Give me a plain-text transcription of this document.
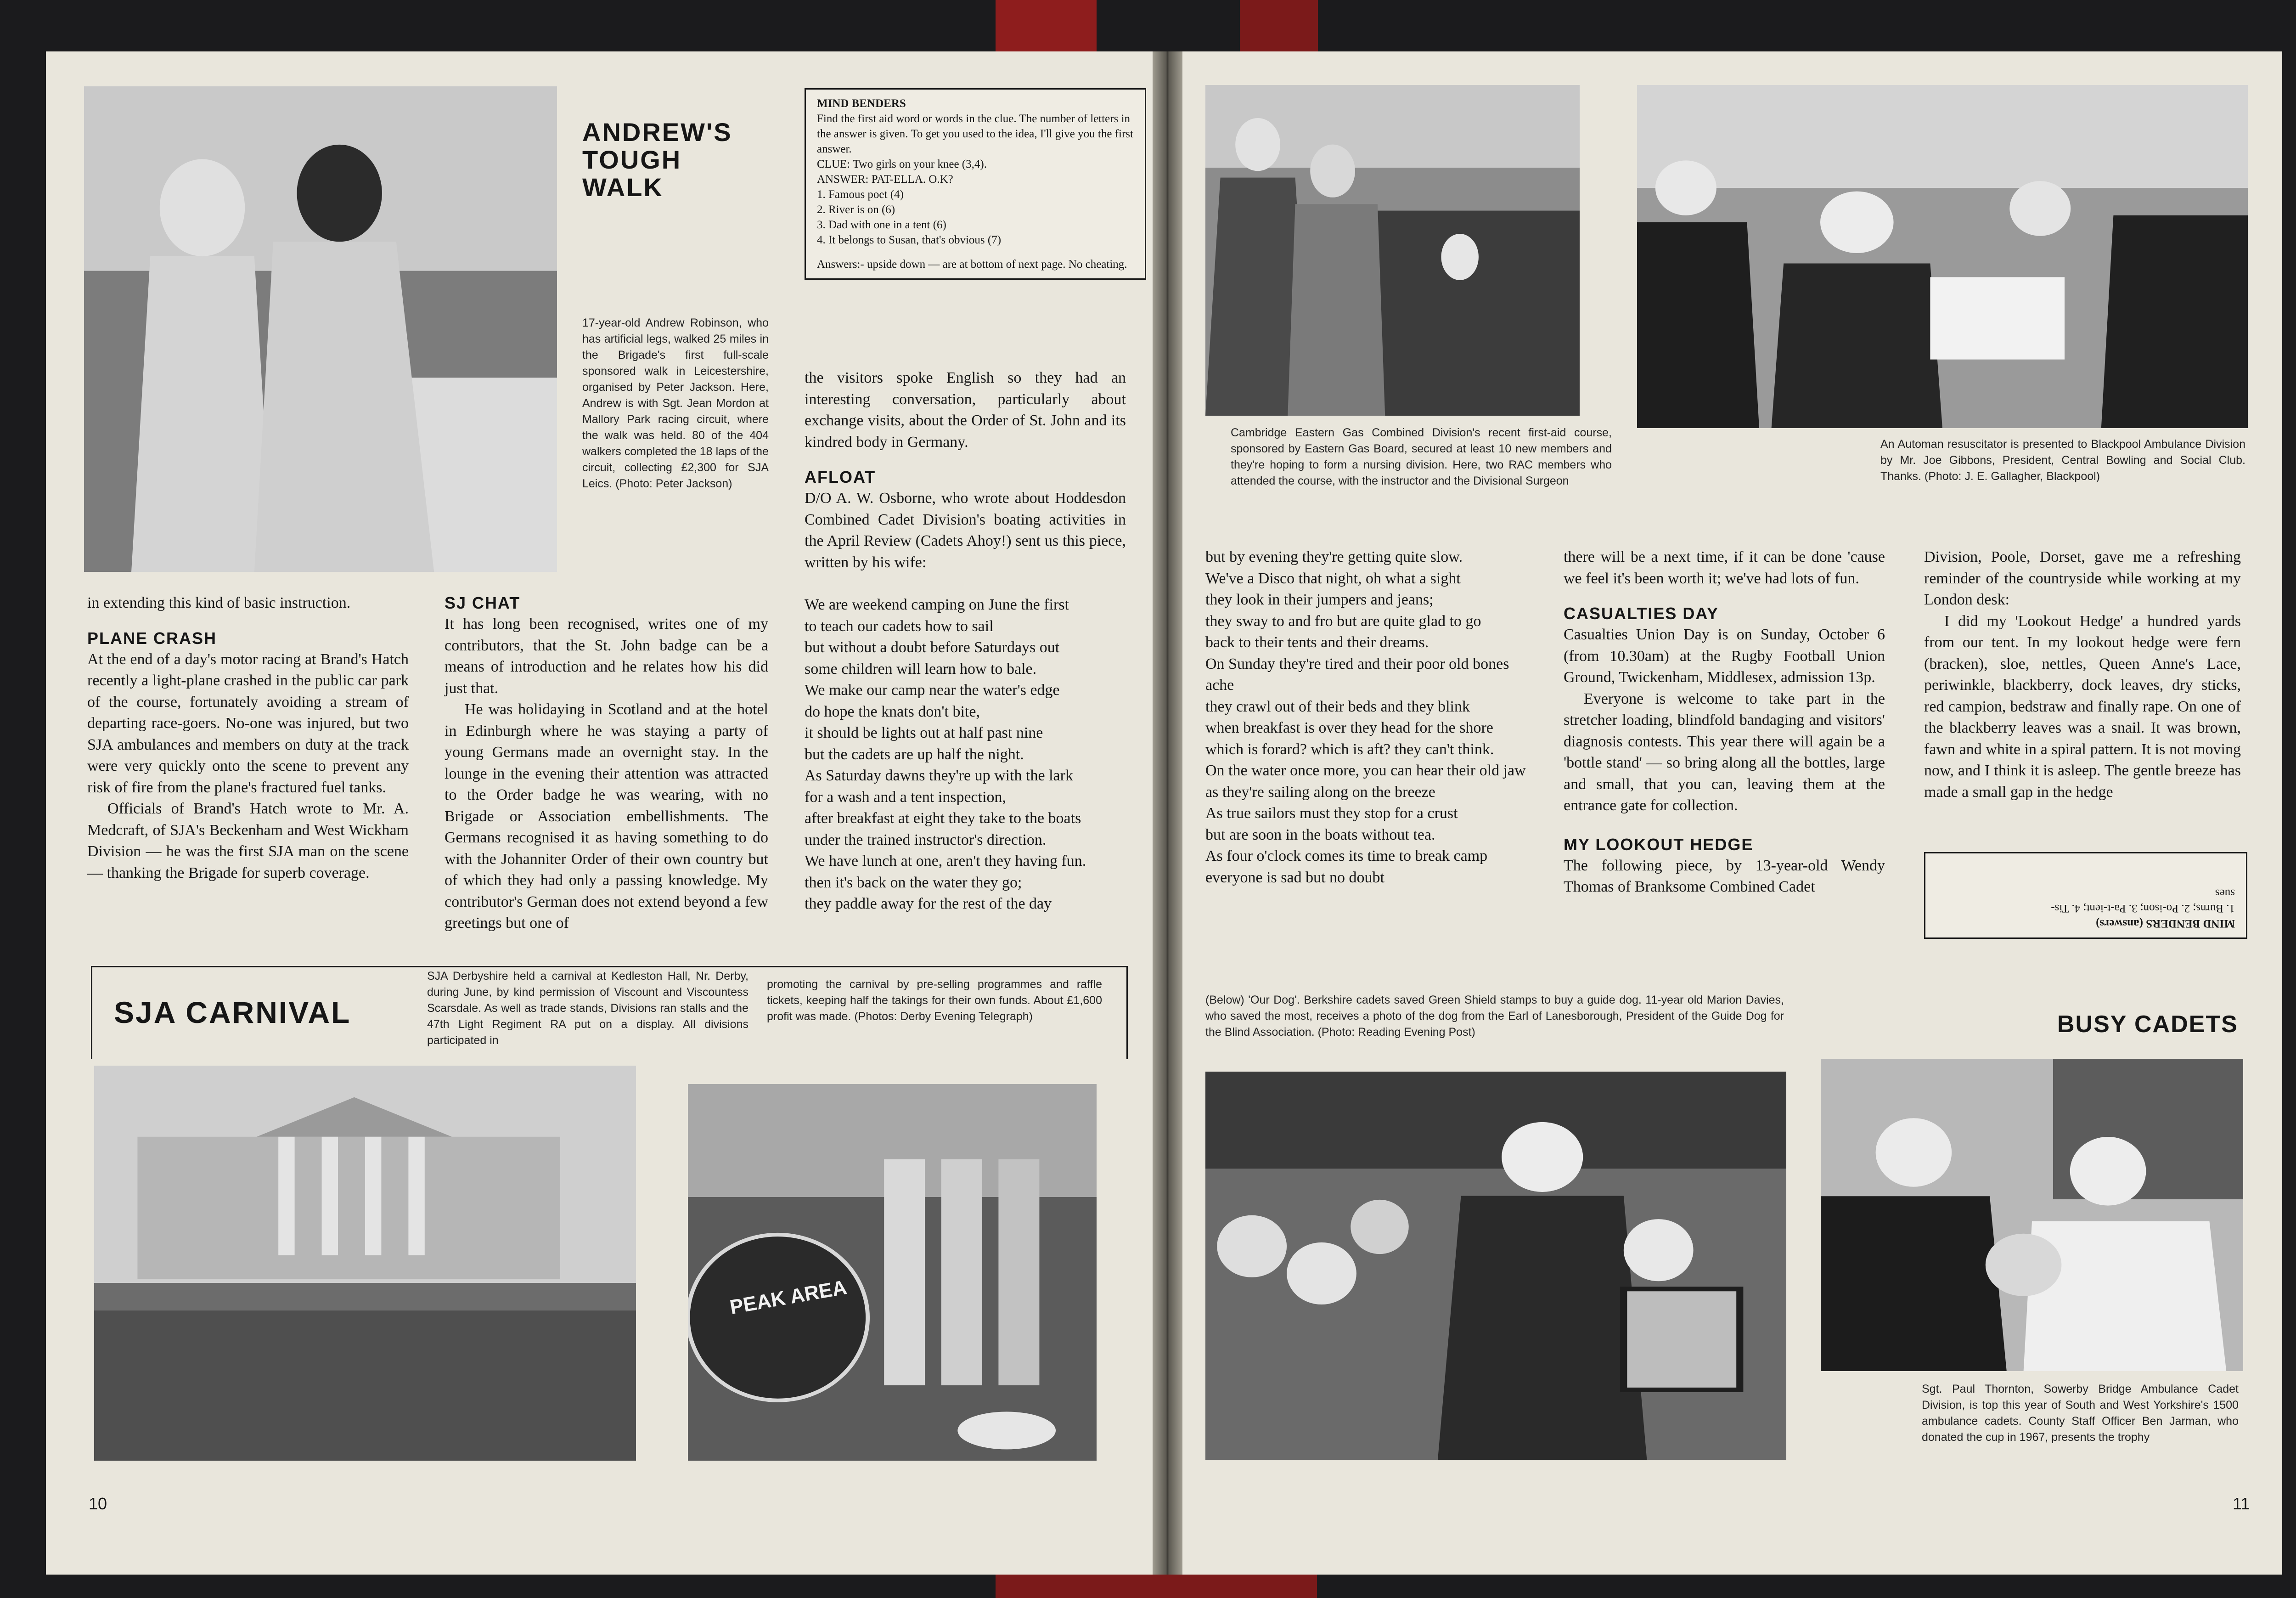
ANDREW'S
TOUGH
WALK
17-year-old Andrew Robinson, who has artificial legs, walked 25 miles in the Brigade's first full-scale sponsored walk in Leicestershire, organised by Peter Jackson. Here, Andrew is with Sgt. Jean Mordon at Mallory Park racing circuit, where the walk was held. 80 of the 404 walkers completed the 18 laps of the circuit, collecting £2,300 for SJA Leics. (Photo: Peter Jackson)
MIND BENDERS
Find the first aid word or words in the clue. The number of letters in the answer is given. To get you used to the idea, I'll give you the first answer.
CLUE: Two girls on your knee (3,4).
ANSWER: PAT-ELLA. O.K?
1. Famous poet (4)
2. River is on (6)
3. Dad with one in a tent (6)
4. It belongs to Susan, that's obvious (7)
Answers:- upside down — are at bottom of next page. No cheating.

in extending this kind of basic instruction.

PLANE CRASH

At the end of a day's motor racing at Brand's Hatch recently a light-plane crashed in the public car park of the course, fortunately avoiding a stream of departing race-goers. No-one was injured, but two SJA ambulances and members on duty at the track were very quickly onto the scene to prevent any risk of fire from the plane's fractured fuel tanks.

Officials of Brand's Hatch wrote to Mr. A. Medcraft, of SJA's Beckenham and West Wickham Division — he was the first SJA man on the scene — thanking the Brigade for superb coverage.

SJ CHAT

It has long been recognised, writes one of my contributors, that the St. John badge can be a means of introduction and he relates how his did just that.

He was holidaying in Scotland and at the hotel in Edinburgh where he was staying a party of young Germans made an overnight stay. In the lounge in the evening their attention was attracted to the Order badge he was wearing, with no Brigade or Association embellishments. The Germans recognised it as having something to do with the Johanniter Order of their own country but of which they had only a passing knowledge. My contributor's German does not extend beyond a few greetings but one of

the visitors spoke English so they had an interesting conversation, particularly about exchange visits, about the Order of St. John and its kindred body in Germany.

AFLOAT

D/O A. W. Osborne, who wrote about Hoddesdon Combined Cadet Division's boating activities in the April Review (Cadets Ahoy!) sent us this piece, written by his wife:

We are weekend camping on June the first

to teach our cadets how to sail

but without a doubt before Saturdays out

some children will learn how to bale.

We make our camp near the water's edge

do hope the knats don't bite,

it should be lights out at half past nine

but the cadets are up half the night.

As Saturday dawns they're up with the lark

for a wash and a tent inspection,

after breakfast at eight they take to the boats

under the trained instructor's direction.

We have lunch at one, aren't they having fun.

then it's back on the water they go;

they paddle away for the rest of the day

SJA CARNIVAL
SJA Derbyshire held a carnival at Kedleston Hall, Nr. Derby, during June, by kind permission of Viscount and Viscountess Scarsdale. As well as trade stands, Divisions ran stalls and the 47th Light Regiment RA put on a display. All divisions participated in
promoting the carnival by pre-selling programmes and raffle tickets, keeping half the takings for their own funds. About £1,600 profit was made. (Photos: Derby Evening Telegraph)
PEAK AREA
10
Cambridge Eastern Gas Combined Division's recent first-aid course, sponsored by Eastern Gas Board, secured at least 10 new members and they're hoping to form a nursing division. Here, two RAC members who attended the course, with the instructor and the Divisional Surgeon
An Automan resuscitator is presented to Blackpool Ambulance Division by Mr. Joe Gibbons, President, Central Bowling and Social Club. Thanks. (Photo: J. E. Gallagher, Blackpool)

but by evening they're getting quite slow.

We've a Disco that night, oh what a sight

they look in their jumpers and jeans;

they sway to and fro but are quite glad to go

back to their tents and their dreams.

On Sunday they're tired and their poor old bones ache

they crawl out of their beds and they blink

when breakfast is over they head for the shore

which is forard? which is aft? they can't think.

On the water once more, you can hear their old jaw

as they're sailing along on the breeze

As true sailors must they stop for a crust

but are soon in the boats without tea.

As four o'clock comes its time to break camp

everyone is sad but no doubt

there will be a next time, if it can be done 'cause we feel it's been worth it; we've had lots of fun.

CASUALTIES DAY

Casualties Union Day is on Sunday, October 6 (from 10.30am) at the Rugby Football Union Ground, Twickenham, Middlesex, admission 13p.

Everyone is welcome to take part in the stretcher loading, blindfold bandaging and visitors' diagnosis contests. This year there will again be a 'bottle stand' — so bring along all the bottles, large and small, that you can, leaving them at the entrance gate for collection.

MY LOOKOUT HEDGE

The following piece, by 13-year-old Wendy Thomas of Branksome Combined Cadet

Division, Poole, Dorset, gave me a refreshing reminder of the countryside while working at my London desk:

I did my 'Lookout Hedge' a hundred yards from our tent. In my lookout hedge were fern (bracken), sloe, nettles, Queen Anne's Lace, periwinkle, blackberry, dock leaves, dry sticks, red campion, bedstraw and finally rape. On one of the blackberry leaves was a snail. It was brown, fawn and white in a spiral pattern. It is not moving now, and I think it is asleep. The gentle breeze has made a small gap in the hedge

MIND BENDERS (answers)
1. Burns; 2. Po-ison; 3. Pa-t-ient; 4. Tis-
sues
(Below) 'Our Dog'. Berkshire cadets saved Green Shield stamps to buy a guide dog. 11-year old Marion Davies, who saved the most, receives a photo of the dog from the Earl of Lanesborough, President of the Guide Dog for the Blind Association. (Photo: Reading Evening Post)	BUSY CADETS
Sgt. Paul Thornton, Sowerby Bridge Ambulance Cadet Division, is top this year of South and West Yorkshire's 1500 ambulance cadets. County Staff Officer Ben Jarman, who donated the cup in 1967, presents the trophy
11
